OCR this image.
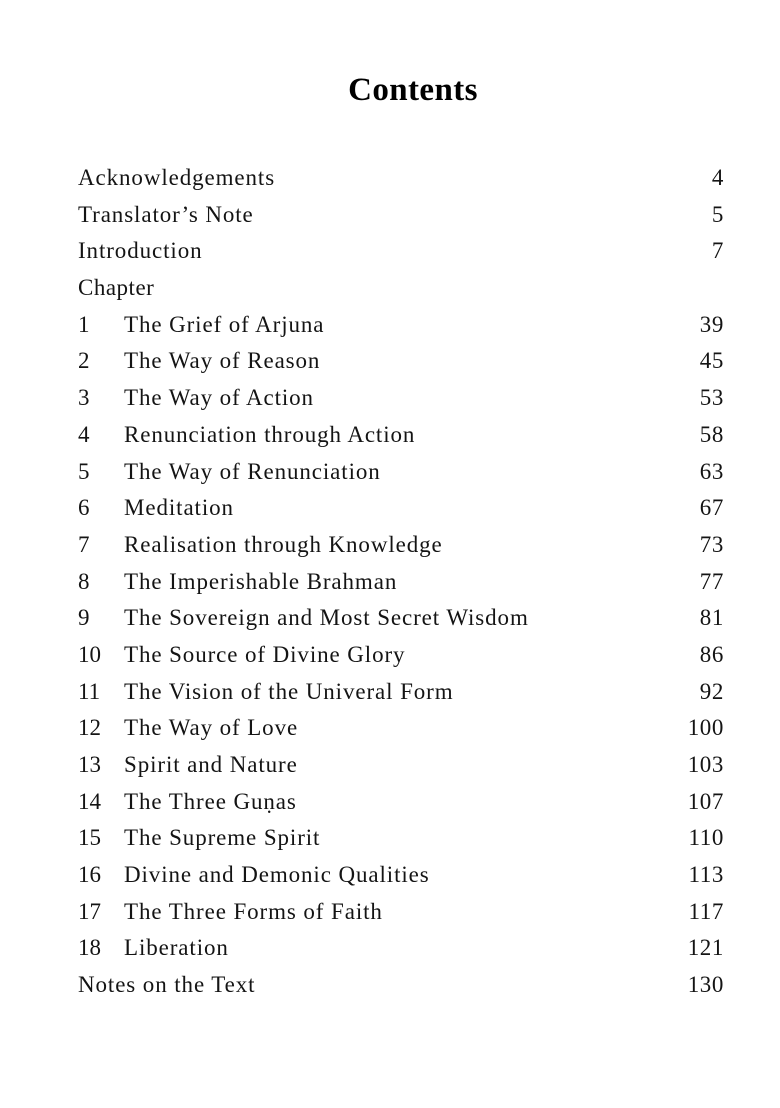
Contents
Acknowledgements	4
Translator’s Note	5
Introduction	7
Chapter
1	The Grief of Arjuna	39
2	The Way of Reason	45
3	The Way of Action	53
4	Renunciation through Action	58
5	The Way of Renunciation	63
6	Meditation	67
7	Realisation through Knowledge	73
8	The Imperishable Brahman	77
9	The Sovereign and Most Secret Wisdom	81
10	The Source of Divine Glory	86
11	The Vision of the Univeral Form	92
12	The Way of Love	100
13	Spirit and Nature	103
14	The Three Guṇas	107
15	The Supreme Spirit	110
16	Divine and Demonic Qualities	113
17	The Three Forms of Faith	117
18	Liberation	121
Notes on the Text	130
